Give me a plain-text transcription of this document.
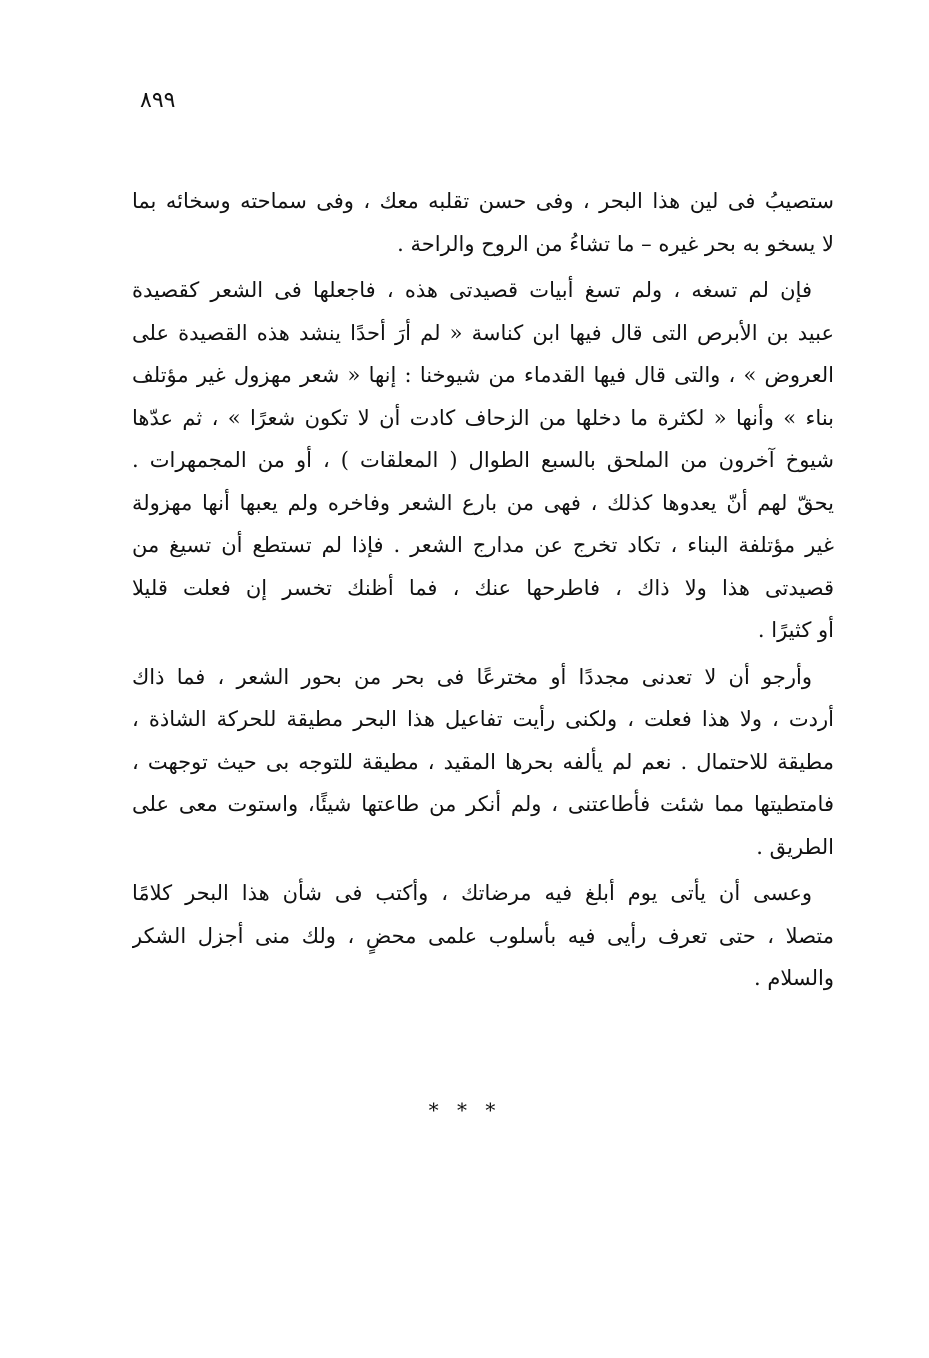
٨٩٩
ستصيبُ فى لين هذا البحر ، وفى حسن تقلبه معك ، وفى سماحته وسخائه بما
لا يسخو به بحر غيره – ما تشاءُ من الروح والراحة .
فإن لم تسغه ، ولم تسغ أبيات قصيدتى هذه ، فاجعلها فى الشعر كقصيدة
عبيد بن الأبرص التى قال فيها ابن كناسة « لم أرَ أحدًا ينشد هذه القصيدة على
العروض » ، والتى قال فيها القدماء من شيوخنا : إنها « شعر مهزول غير مؤتلف
بناء » وأنها « لكثرة ما دخلها من الزحاف كادت أن لا تكون شعرًا » ، ثم عدّها
شيوخ آخرون من الملحق بالسبع الطوال ( المعلقات ) ، أو من المجمهرات .
يحقّ لهم أنّ يعدوها كذلك ، فهى من بارع الشعر وفاخره ولم يعبها أنها مهزولة
غير مؤتلفة البناء ، تكاد تخرج عن مدارج الشعر . فإذا لم تستطع أن تسيغ من
قصيدتى هذا ولا ذاك ، فاطرحها عنك ، فما أظنك تخسر إن فعلت قليلا
أو كثيرًا .
وأرجو أن لا تعدنى مجددًا أو مخترعًا فى بحر من بحور الشعر ، فما ذاك
أردت ، ولا هذا فعلت ، ولكنى رأيت تفاعيل هذا البحر مطيقة للحركة الشاذة ،
مطيقة للاحتمال . نعم لم يألفه بحرها المقيد ، مطيقة للتوجه بى حيث توجهت ،
فامتطيتها مما شئت فأطاعتنى ، ولم أنكر من طاعتها شيئًا، واستوت معى على
الطريق .
وعسى أن يأتى يوم أبلغ فيه مرضاتك ، وأكتب فى شأن هذا البحر كلامًا
متصلا ، حتى تعرف رأيى فيه بأسلوب علمى محضٍ ، ولك منى أجزل الشكر
والسلام .
* * *
